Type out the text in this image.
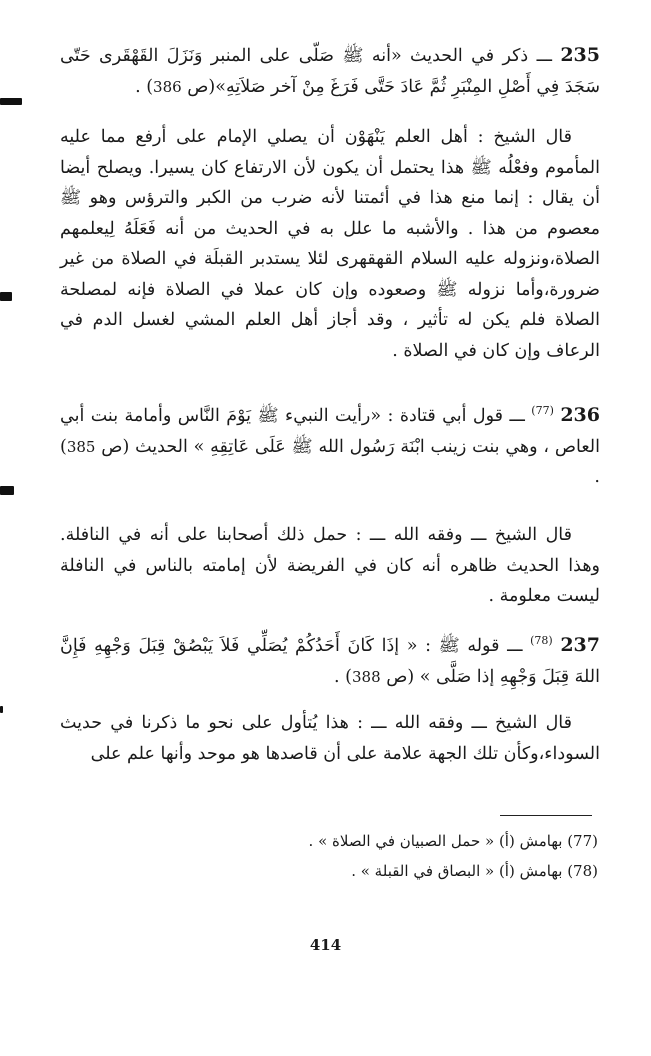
235 ـــ ذكر في الحديث «أنه ﷺ صَلّى على المنبر وَنَزَلَ القَهْقَرى حَتّى سَجَدَ فِي أَصْلِ المِنْبَرِ ثُمَّ عَادَ حَتَّى فَرَغَ مِنْ آخر صَلاَتِهِ»(ص 386) .

قال الشيخ : أهل العلم يَنْهَوْن أن يصلي الإمام على أرفع مما عليه المأموم وفعْلُه ﷺ هذا يحتمل أن يكون لأن الارتفاع كان يسيرا. ويصلح أيضا أن يقال : إنما منع هذا في أئمتنا لأنه ضرب من الكبر والترؤس وهو ﷺ معصوم من هذا . والأشبه ما علل به في الحديث من أنه فَعَلَهُ لِيعلمهم الصلاة،ونزوله عليه السلام القهقهرى لئلا يستدبر القبلَة في الصلاة من غير ضرورة،وأما نزوله ﷺ وصعوده وإن كان عملا في الصلاة فإنه لمصلحة الصلاة فلم يكن له تأثير ، وقد أجاز أهل العلم المشي لغسل الدم في الرعاف وإن كان في الصلاة .

236 $^{(77)}$ ـــ قول أبي قتادة : «رأيت النبيء ﷺ يَوْمَ النَّاس وأمامة بنت أبي العاص ، وهي بنت زينب ابْنَة رَسُول الله ﷺ عَلَى عَاتِقِهِ » الحديث (ص 385) .

قال الشيخ ـــ وفقه الله ـــ : حمل ذلك أصحابنا على أنه في النافلة. وهذا الحديث ظاهره أنه كان في الفريضة لأن إمامته بالناس في النافلة ليست معلومة .

237 $^{(78)}$ ـــ قوله ﷺ : « إذَا كَانَ أَحَدُكُمْ يُصَلِّي فَلاَ يَبْصُقْ قِبَلَ وَجْهِهِ فَإِنَّ اللهَ قِبَلَ وَجْهِهِ إذا صَلَّى » (ص 388) .

قال الشيخ ـــ وفقه الله ـــ : هذا يُتأول على نحو ما ذكرنا في حديث السوداء،وكأن تلك الجهة علامة على أن قاصدها هو موحد وأنها علم على

(77) بهامش (أ) « حمل الصبيان في الصلاة » .
(78) بهامش (أ) « البصاق في القبلة » .
414
